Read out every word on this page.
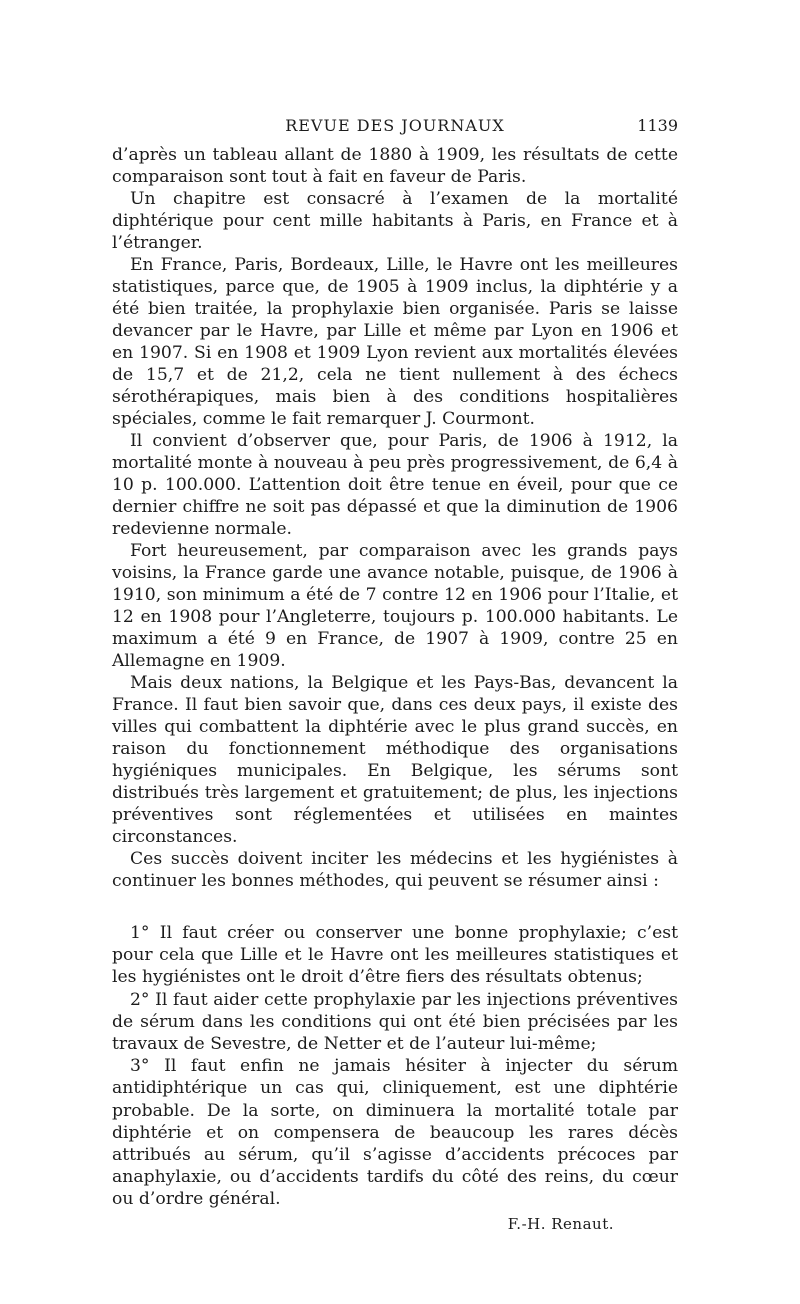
REVUE DES JOURNAUX	1139

d’après un tableau allant de 1880 à 1909, les résultats de cette comparaison sont tout à fait en faveur de Paris.

Un chapitre est consacré à l’examen de la mortalité diphtérique pour cent mille habitants à Paris, en France et à l’étranger.

En France, Paris, Bordeaux, Lille, le Havre ont les meilleures statistiques, parce que, de 1905 à 1909 inclus, la diphtérie y a été bien traitée, la prophylaxie bien organisée. Paris se laisse devancer par le Havre, par Lille et même par Lyon en 1906 et en 1907. Si en 1908 et 1909 Lyon revient aux mortalités élevées de 15,7 et de 21,2, cela ne tient nullement à des échecs sérothérapiques, mais bien à des conditions hospitalières spéciales, comme le fait remarquer J. Courmont.

Il convient d’observer que, pour Paris, de 1906 à 1912, la mortalité monte à nouveau à peu près progressivement, de 6,4 à 10 p. 100.000. L’attention doit être tenue en éveil, pour que ce dernier chiffre ne soit pas dépassé et que la diminution de 1906 redevienne normale.

Fort heureusement, par comparaison avec les grands pays voisins, la France garde une avance notable, puisque, de 1906 à 1910, son minimum a été de 7 contre 12 en 1906 pour l’Italie, et 12 en 1908 pour l’Angleterre, toujours p. 100.000 habitants. Le maximum a été 9 en France, de 1907 à 1909, contre 25 en Allemagne en 1909.

Mais deux nations, la Belgique et les Pays-Bas, devancent la France. Il faut bien savoir que, dans ces deux pays, il existe des villes qui combattent la diphtérie avec le plus grand succès, en raison du fonctionnement méthodique des organisations hygiéniques municipales. En Belgique, les sérums sont distribués très largement et gratuitement; de plus, les injections préventives sont réglementées et utilisées en maintes circonstances.

Ces succès doivent inciter les médecins et les hygiénistes à continuer les bonnes méthodes, qui peuvent se résumer ainsi :

1° Il faut créer ou conserver une bonne prophylaxie; c’est pour cela que Lille et le Havre ont les meilleures statistiques et les hygiénistes ont le droit d’être fiers des résultats obtenus;

2° Il faut aider cette prophylaxie par les injections préventives de sérum dans les conditions qui ont été bien précisées par les travaux de Sevestre, de Netter et de l’auteur lui-même;

3° Il faut enfin ne jamais hésiter à injecter du sérum antidiphtérique un cas qui, cliniquement, est une diphtérie probable. De la sorte, on diminuera la mortalité totale par diphtérie et on compensera de beaucoup les rares décès attribués au sérum, qu’il s’agisse d’accidents précoces par anaphylaxie, ou d’accidents tardifs du côté des reins, du cœur ou d’ordre général.

F.-H. Renaut.
